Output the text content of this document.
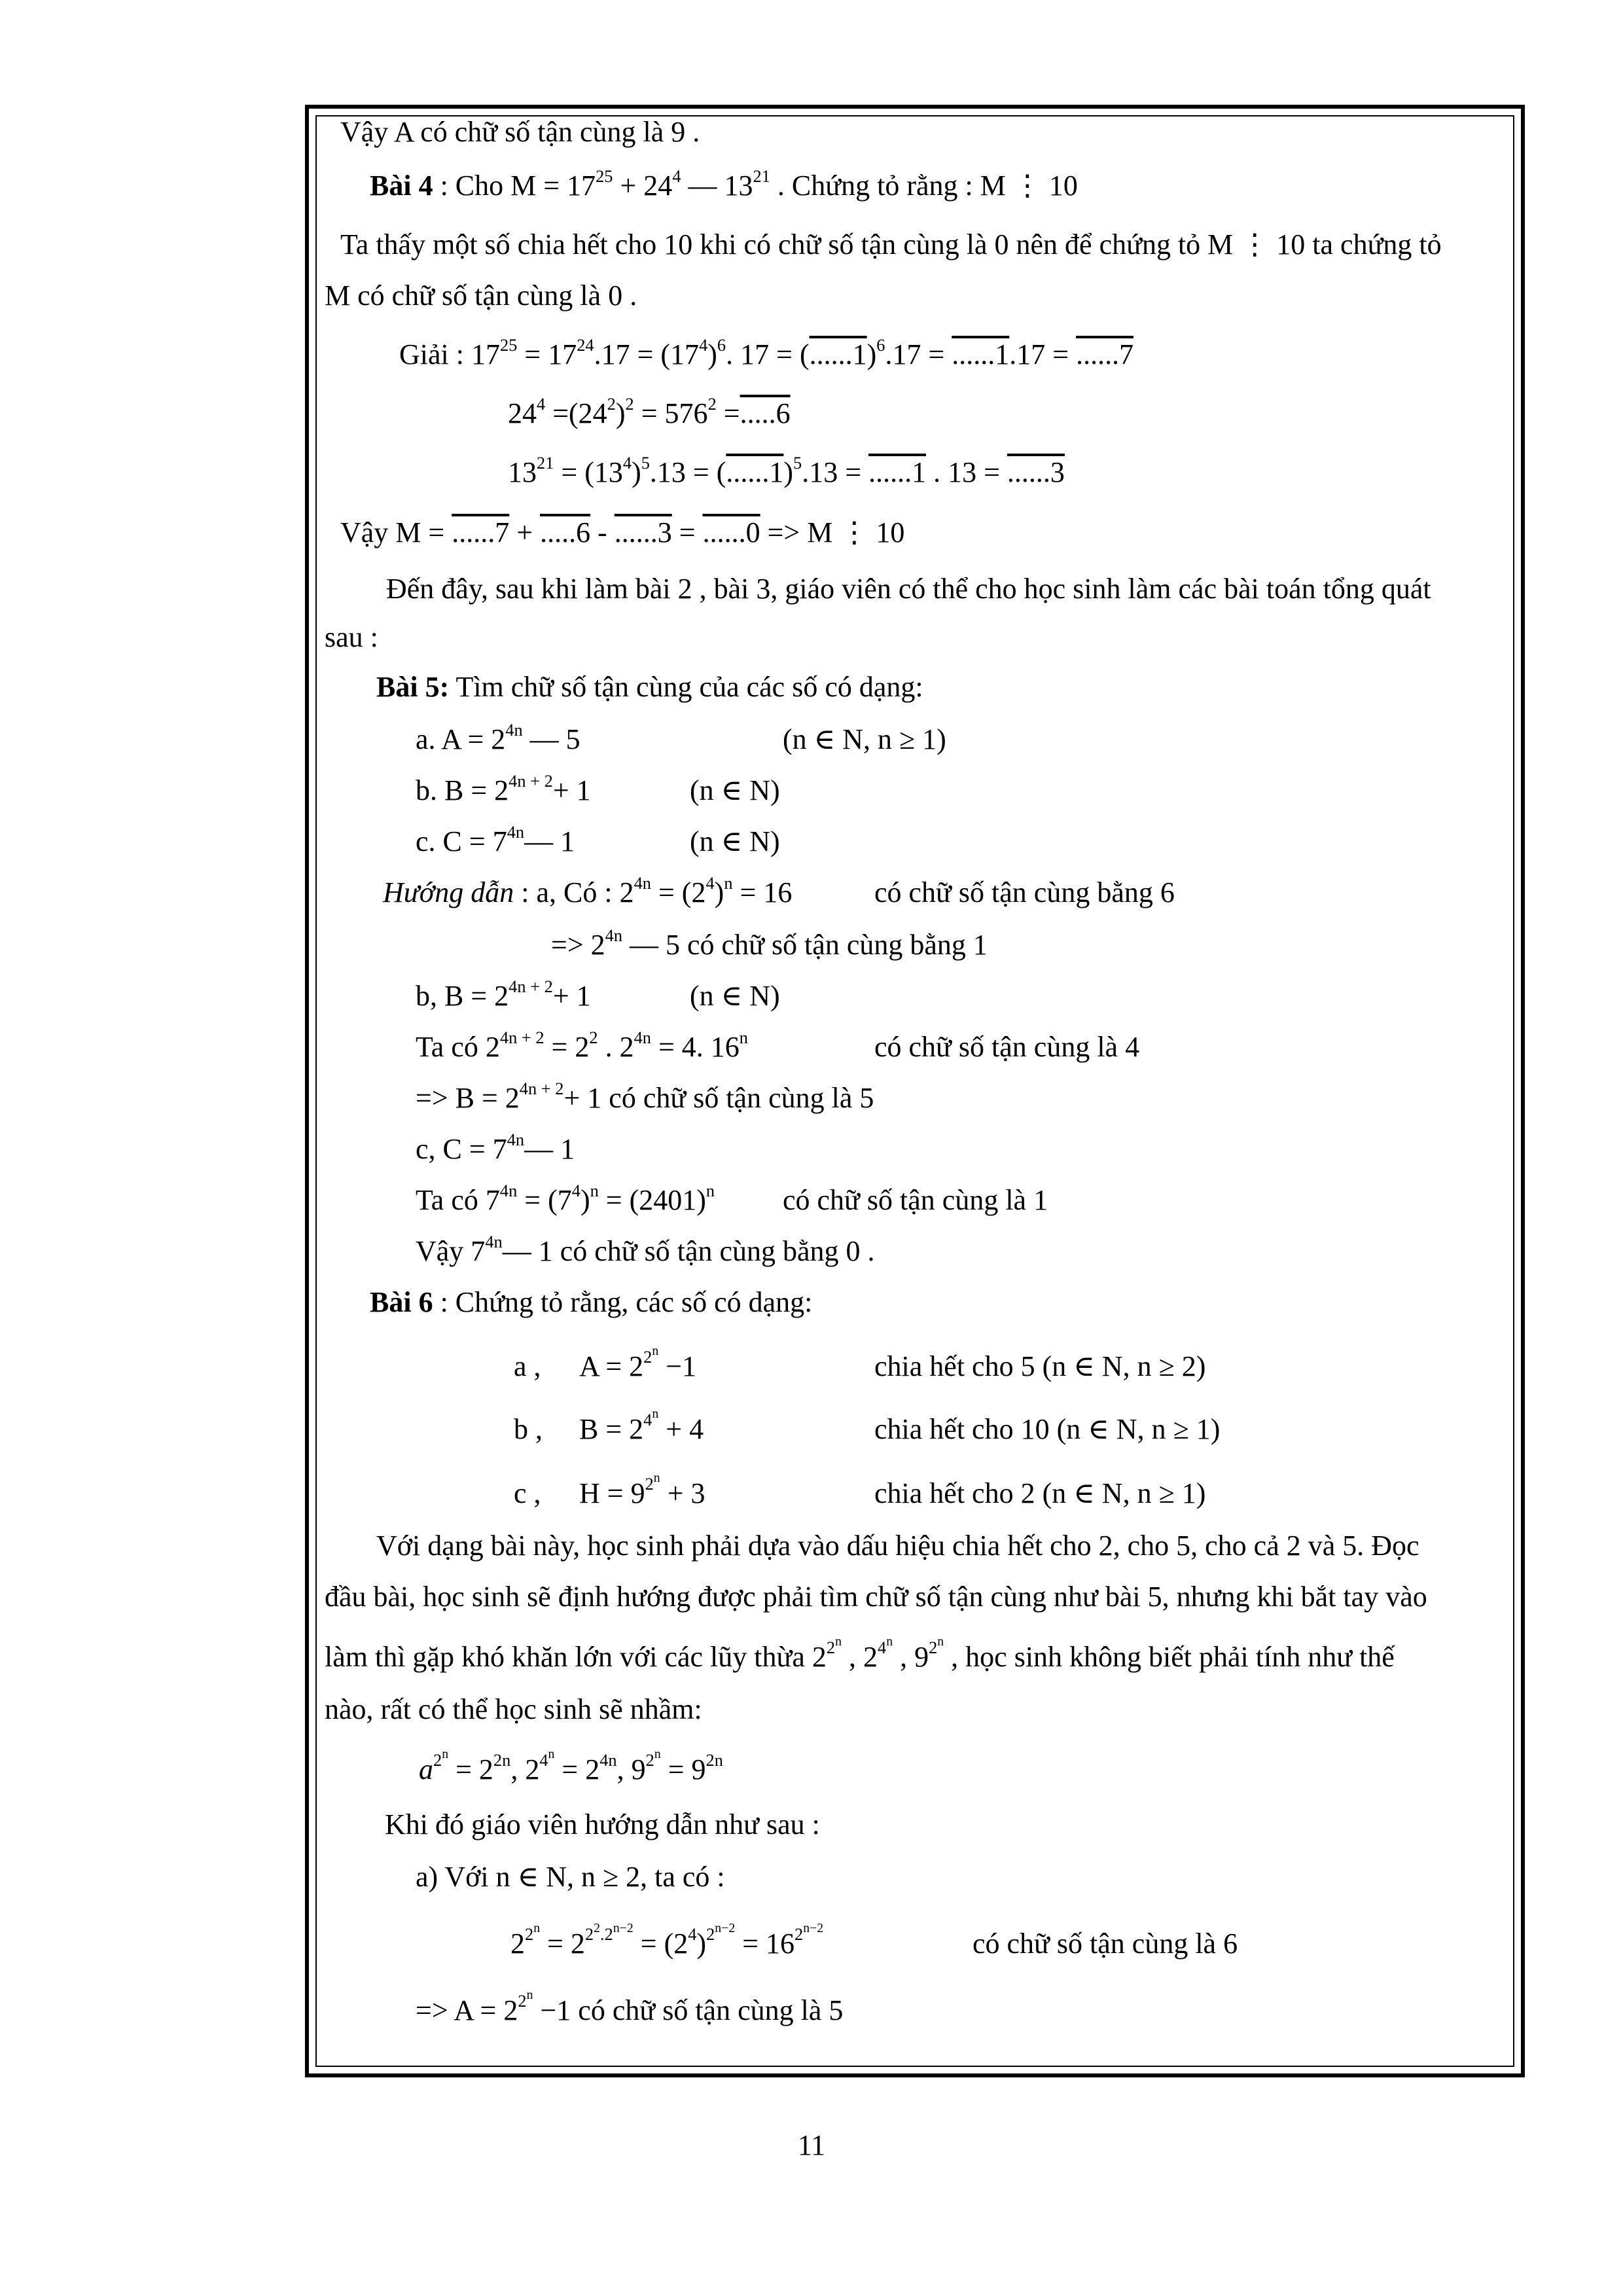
Vậy A có chữ số tận cùng là 9 .
Bài 4 : Cho $M = 17^{25} + 24^4$ — $13^{21}$ . Chứng tỏ rằng : M ⋮ 10
Ta thấy một số chia hết cho 10 khi có chữ số tận cùng là 0 nên để chứng tỏ M ⋮ 10 ta chứng tỏ
M có chữ số tận cùng là 0 .
Giải : $17^{25} = 17^{24}.17 = (17^4)^6$. $17 = (......1)^6.17 = ......1.17 = ......7$
$24^4 =(24^2)^2 = 576^2 =.....6$
$13^{21} = (13^4)^5.13 = (......1)^5.13 = ......1$ . 13 = ......3
Vậy M = ......7 + .....6 - ......3 = ......0 => M ⋮ 10
Đến đây, sau khi làm bài 2 , bài 3, giáo viên có thể cho học sinh làm các bài toán tổng quát
sau :
Bài 5: Tìm chữ số tận cùng của các số có dạng:
a. $A = 2^{4n}$ — 5	(n ∈ N, n ≥ 1)
b. $B = 2^{4n + 2}+ 1$	(n ∈ N)
c. $C = 7^{4n}—$ 1	(n ∈ N)
Hướng dẫn : a, Có : $2^{4n} = (2^4)^n = 16$	có chữ số tận cùng bằng 6
=> $2^{4n}$ — 5 có chữ số tận cùng bằng 1
b, $B = 2^{4n + 2}+ 1$	(n ∈ N)
Ta có $2^{4n + 2} = 2^2$ . $2^{4n} = 4$. 16$^n$	có chữ số tận cùng là 4
=> $B = 2^{4n + 2}+ 1$ có chữ số tận cùng là 5
c, $C = 7^{4n}—$ 1
Ta có $7^{4n} = (7^4)^n = (2401)^n$ có chữ số tận cùng là 1
Vậy $7^{4n}—$ 1 có chữ số tận cùng bằng 0 .
Bài 6 : Chứng tỏ rằng, các số có dạng:
a , $A = 2^{2^n} -1$	chia hết cho 5 (n ∈ N, n ≥ 2)
b , $B = 2^{4^n} + 4$	chia hết cho 10 (n ∈ N, n ≥ 1)
c , $H = 9^{2^n} + 3$	chia hết cho 2 (n ∈ N, n ≥ 1)
Với dạng bài này, học sinh phải dựa vào dấu hiệu chia hết cho 2, cho 5, cho cả 2 và 5. Đọc
đầu bài, học sinh sẽ định hướng được phải tìm chữ số tận cùng như bài 5, nhưng khi bắt tay vào
làm thì gặp khó khăn lớn với các lũy thừa $2^{2^n}$ , $2^{4^n}$ , $9^{2^n}$ , học sinh không biết phải tính như thế
nào, rất có thể học sinh sẽ nhầm:
$a^{2^n} = 2^{2n}$, $2^{4^n} = 2^{4n}$, $9^{2^n} = 9^{2n}$
Khi đó giáo viên hướng dẫn như sau :
a) Với n ∈ N, n ≥ 2, ta có :
$2^{2^n} = 2^{2^2.2^{n-2}} = (2^4)^{2^{n-2}} = 16^{2^{n-2}}$	có chữ số tận cùng là 6
=> $A = 2^{2^n} -1$ có chữ số tận cùng là 5
11
